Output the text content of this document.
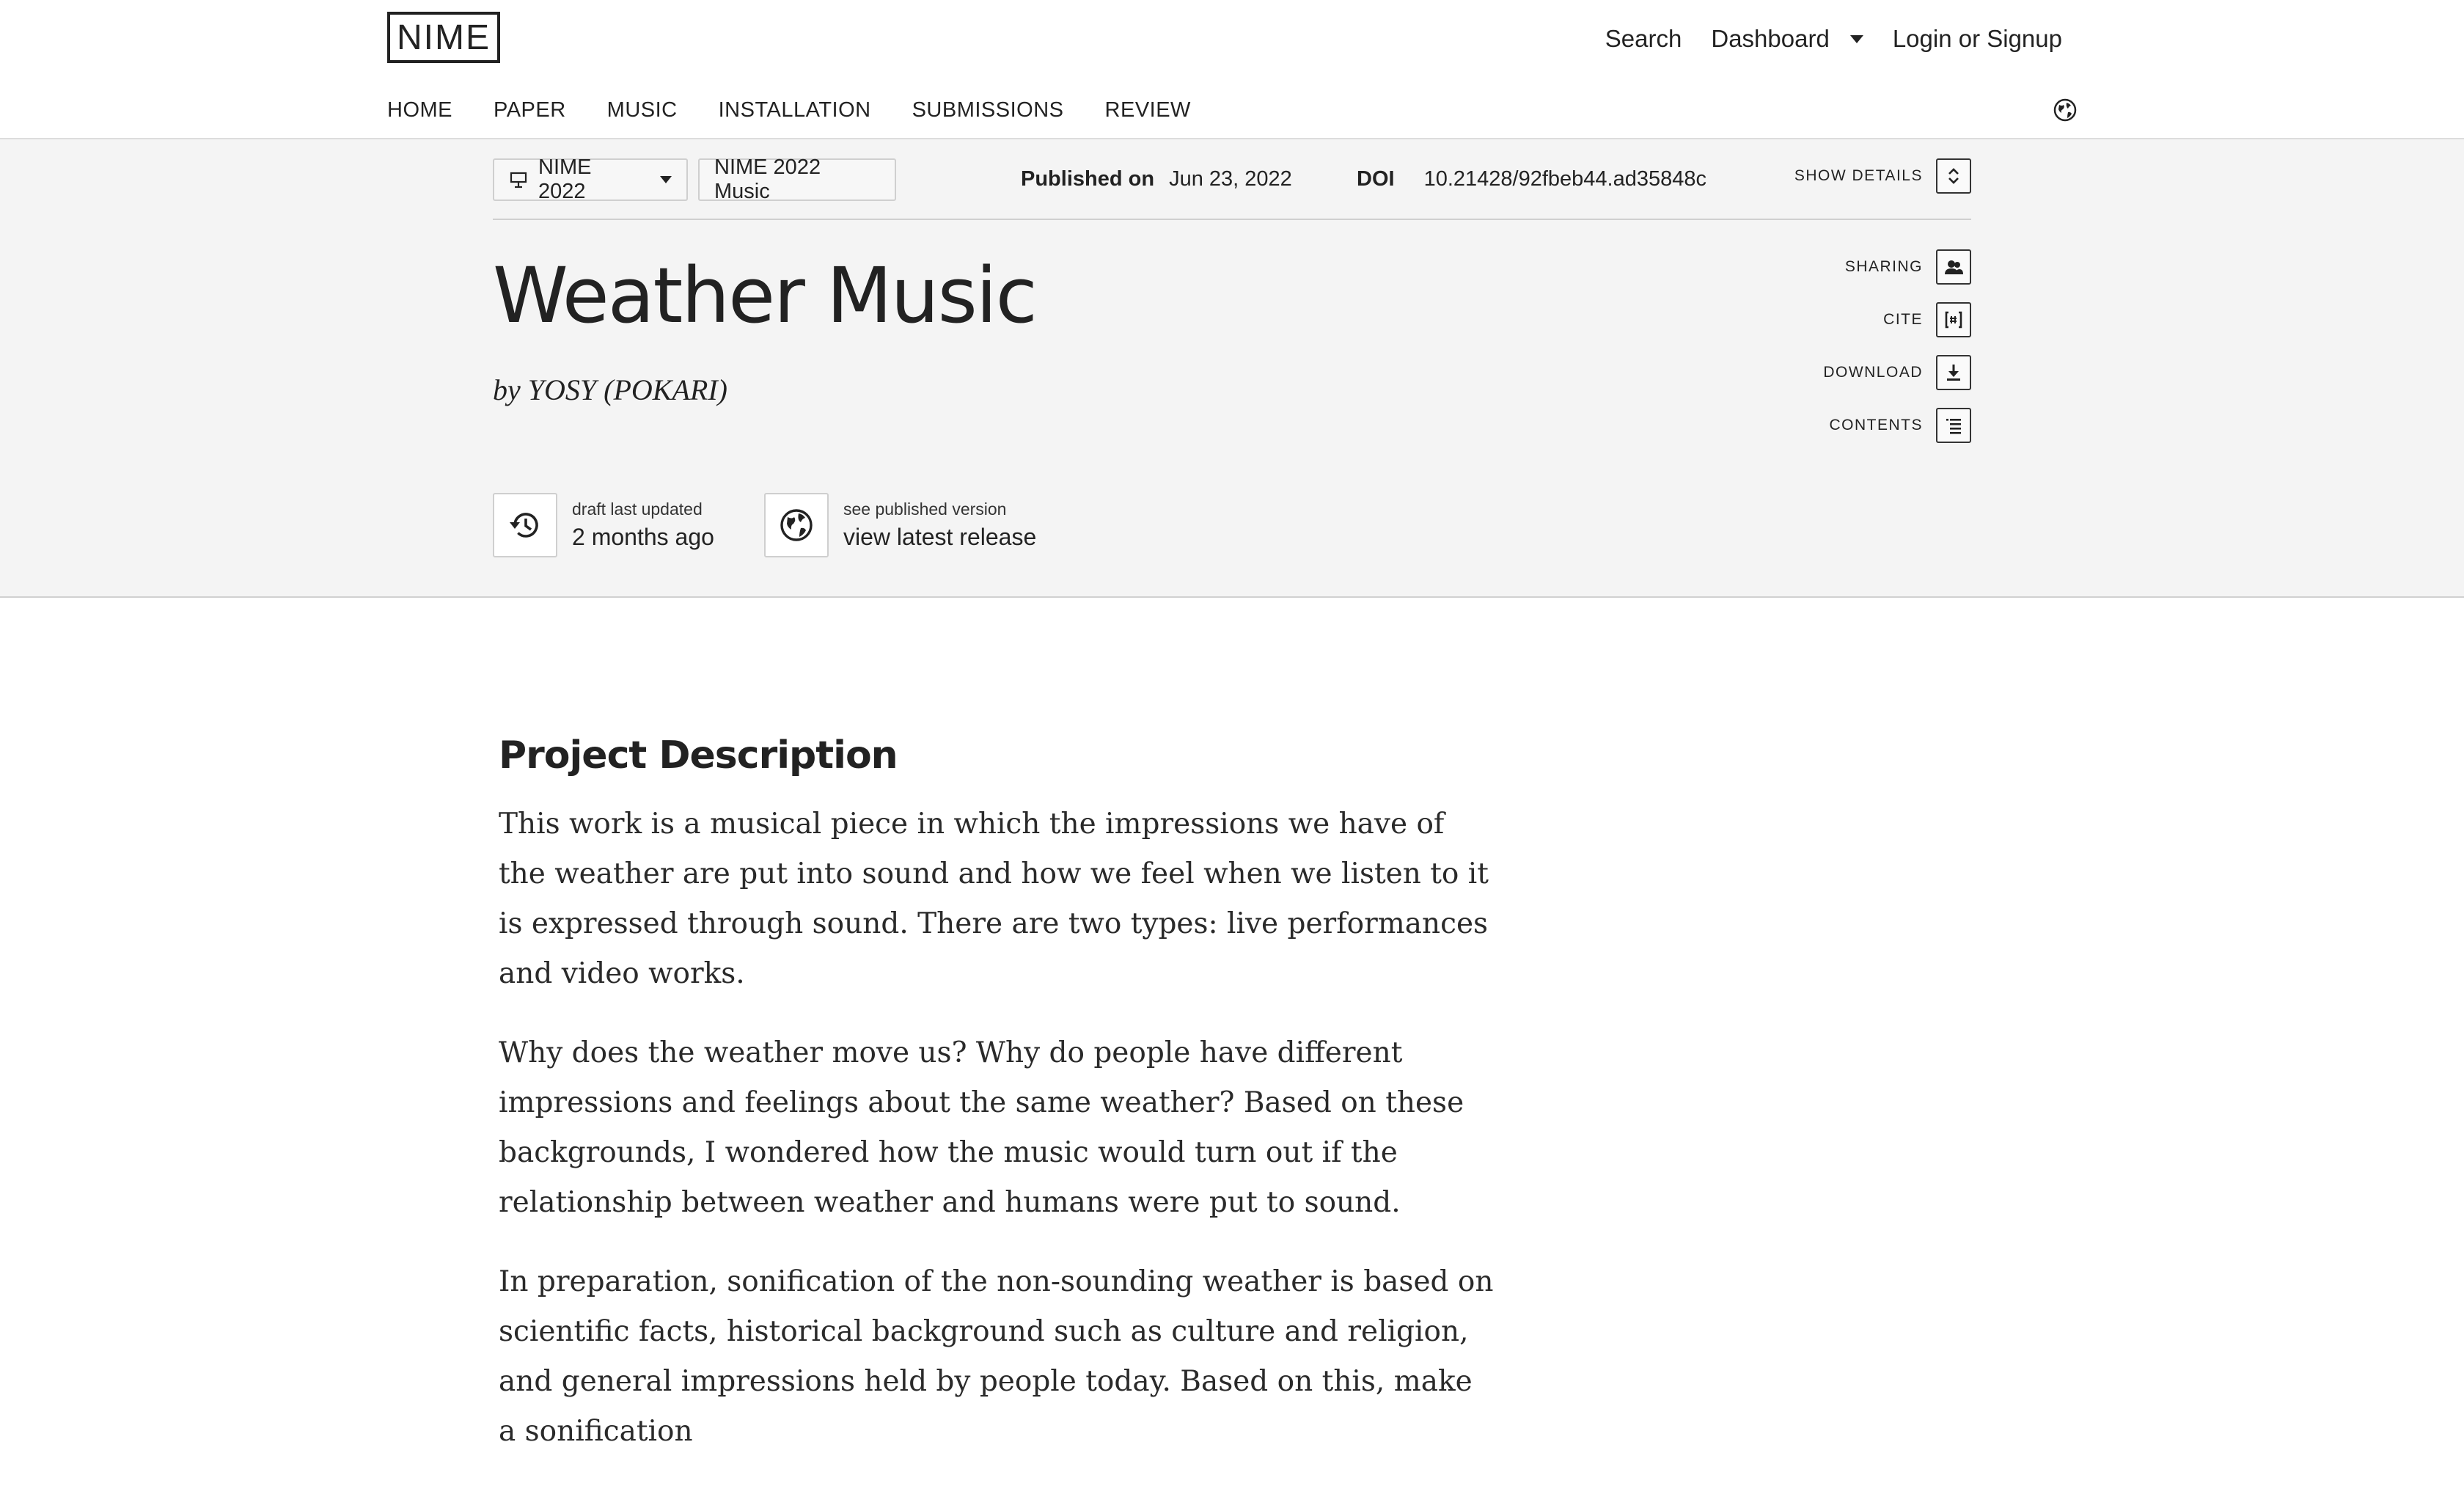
NIME	Search Dashboard	Login or Signup
HOME PAPER MUSIC INSTALLATION SUBMISSIONS REVIEW
NIME 2022
NIME 2022 Music
Published on Jun 23, 2022	DOI 10.21428/92fbeb44.ad35848c	SHOW DETAILS
Weather Music
by YOSY (POKARI)
SHARING
CITE
DOWNLOAD
CONTENTS
draft last updated
2 months ago
see published version
view latest release
Project Description

This work is a musical piece in which the impressions we have of the weather are put into sound and how we feel when we listen to it is expressed through sound. There are two types: live performances and video works.

Why does the weather move us? Why do people have different impressions and feelings about the same weather? Based on these backgrounds, I wondered how the music would turn out if the relationship between weather and humans were put to sound.

In preparation, sonification of the non-sounding weather is based on scientific facts, historical background such as culture and religion, and general impressions held by people today. Based on this, make a sonification
